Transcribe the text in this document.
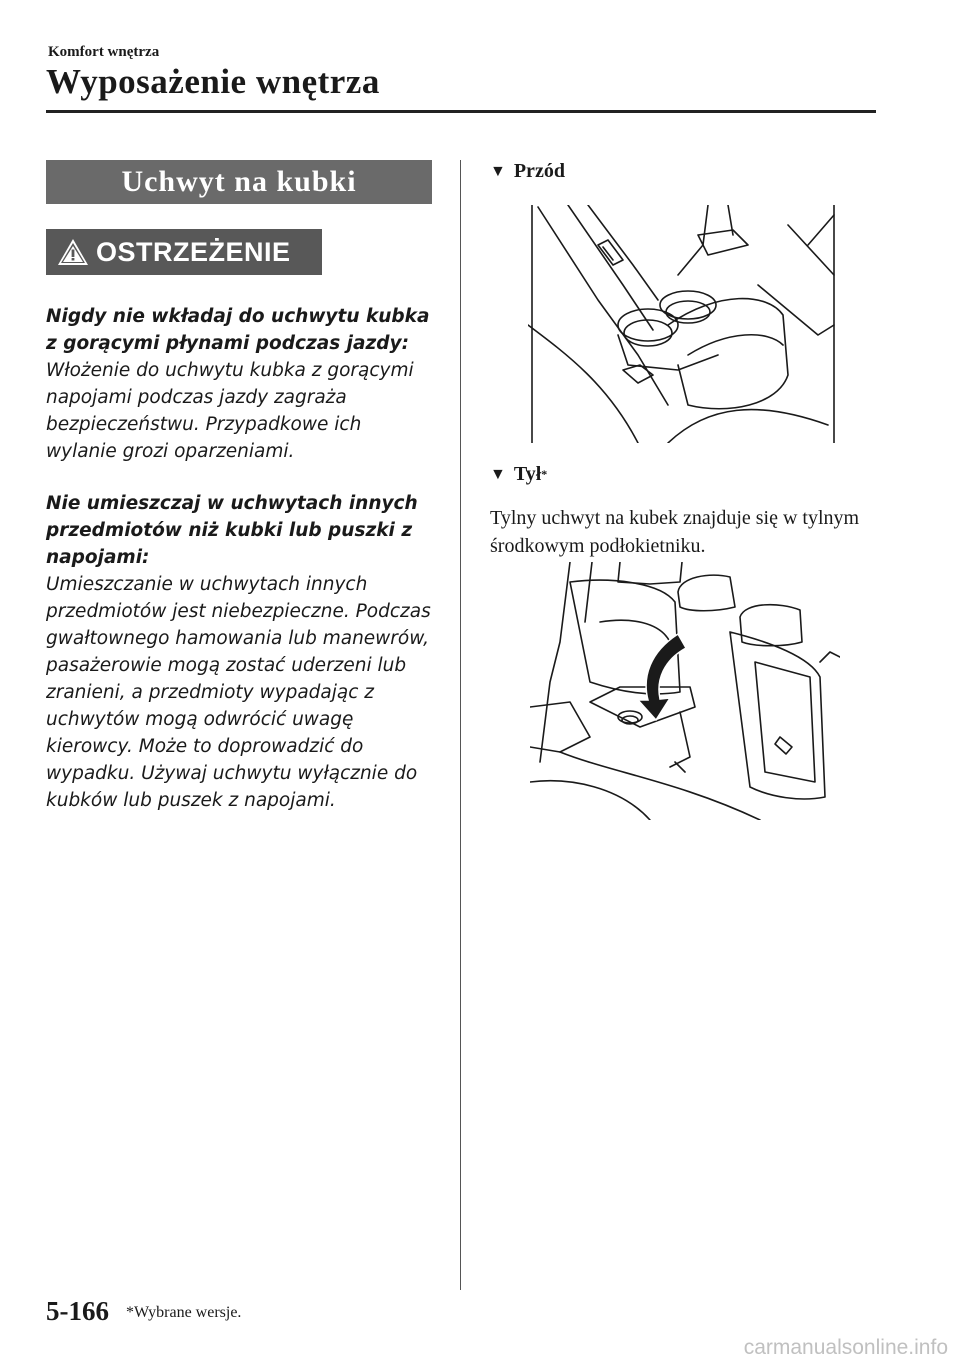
Komfort wnętrza
Wyposażenie wnętrza
Uchwyt na kubki
OSTRZEŻENIE
Nigdy nie wkładaj do uchwytu kubka z gorącymi płynami podczas jazdy:
Włożenie do uchwytu kubka z gorącymi napojami podczas jazdy zagraża bezpieczeństwu. Przypadkowe ich wylanie grozi oparzeniami.
Nie umieszczaj w uchwytach innych przedmiotów niż kubki lub puszki z napojami:
Umieszczanie w uchwytach innych przedmiotów jest niebezpieczne. Podczas gwałtownego hamowania lub manewrów, pasażerowie mogą zostać uderzeni lub zranieni, a przedmioty wypadając z uchwytów mogą odwrócić uwagę kierowcy. Może to doprowadzić do wypadku. Używaj uchwytu wyłącznie do kubków lub puszek z napojami.
▼ Przód
▼ Tył *
Tylny uchwyt na kubek znajduje się w tylnym środkowym podłokietniku.
5-166 *Wybrane wersje.
carmanualsonline.info
